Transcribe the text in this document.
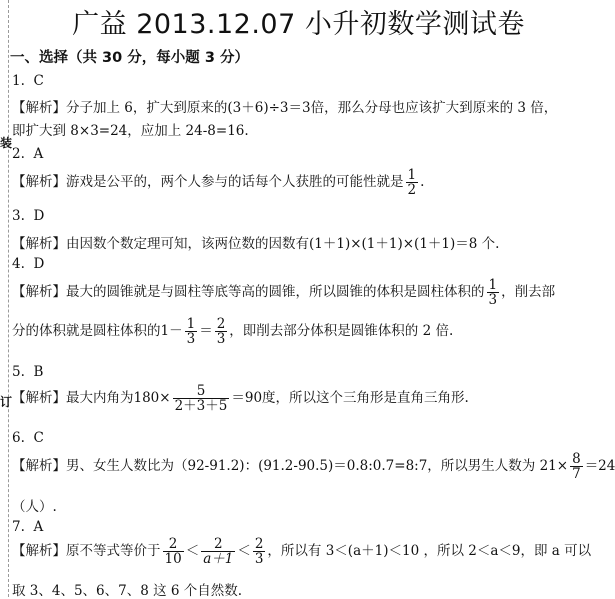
装
订
广益 2013.12.07 小升初数学测试卷
一、选择（共 30 分，每小题 3 分）
1. C
【解析】分子加上 6，扩大到原来的(3＋6)÷3＝3倍，那么分母也应该扩大到原来的 3 倍，
即扩大到 8×3=24，应加上 24-8=16.
2. A
【解析】游戏是公平的，两个人参与的话每个人获胜的可能性就是 $\frac{1}{2}$ .
3. D
【解析】由因数个数定理可知，该两位数的因数有(1＋1)×(1＋1)×(1＋1)＝8 个.
4. D
【解析】最大的圆锥就是与圆柱等底等高的圆锥，所以圆锥的体积是圆柱体积的 $\frac{1}{3}$ ，削去部
分的体积就是圆柱体积的$1- \frac{1}{3} = \frac{2}{3}$ ，即削去部分体积是圆锥体积的 2 倍.
5. B
【解析】最大内角为$180\times \frac{5}{2+3+5} =90$度，所以这个三角形是直角三角形.
6. C
【解析】男、女生人数比为（92-91.2)：(91.2-90.5)＝0.8:0.7=8:7，所以男生人数为 $21\times \frac{8}{7} =24$
（人）.
7. A
【解析】原不等式等价于 $\frac{2}{10} < \frac{2}{a+1} < \frac{2}{3}$ ，所以有 3＜(a＋1)＜10 ，所以 2＜a＜9，即 a 可以
取 3、4、5、6、7、8 这 6 个自然数.
